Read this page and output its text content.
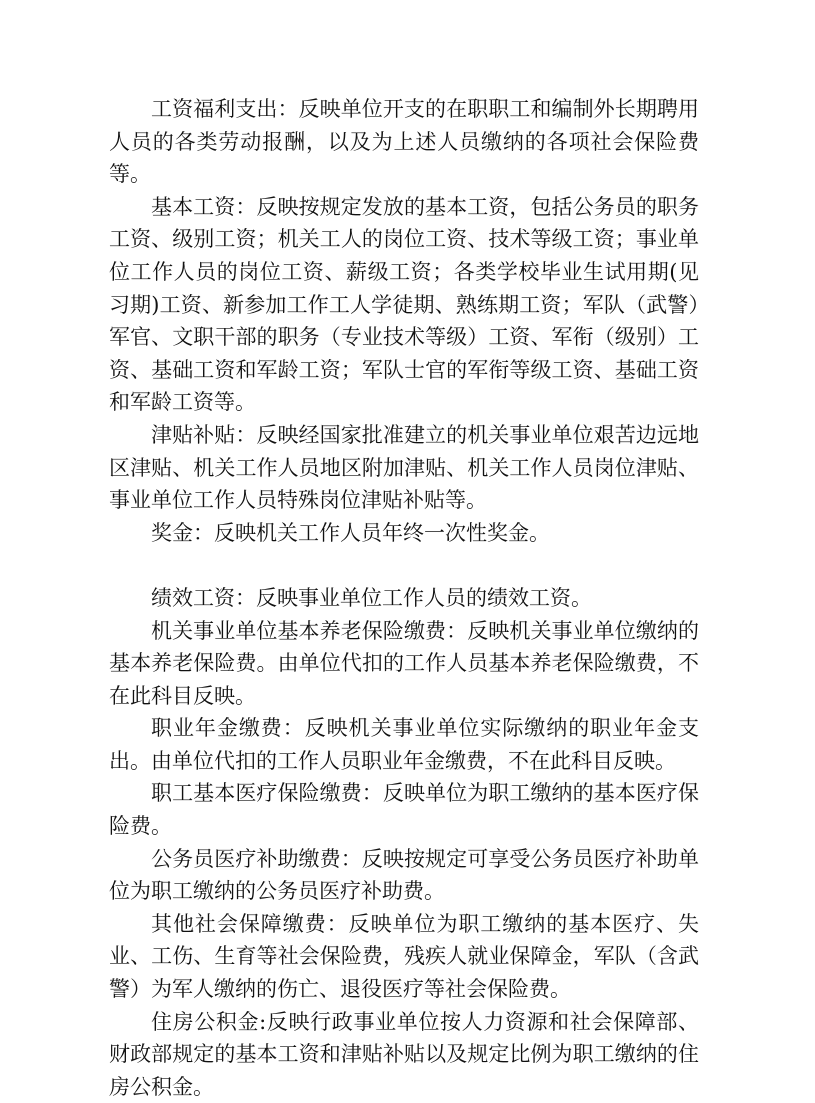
工资福利支出：反映单位开支的在职职工和编制外长期聘用人员的各类劳动报酬，以及为上述人员缴纳的各项社会保险费等。

基本工资：反映按规定发放的基本工资，包括公务员的职务工资、级别工资；机关工人的岗位工资、技术等级工资；事业单位工作人员的岗位工资、薪级工资；各类学校毕业生试用期(见习期)工资、新参加工作工人学徒期、熟练期工资；军队（武警）军官、文职干部的职务（专业技术等级）工资、军衔（级别）工资、基础工资和军龄工资；军队士官的军衔等级工资、基础工资和军龄工资等。

津贴补贴：反映经国家批准建立的机关事业单位艰苦边远地区津贴、机关工作人员地区附加津贴、机关工作人员岗位津贴、事业单位工作人员特殊岗位津贴补贴等。

奖金：反映机关工作人员年终一次性奖金。

绩效工资：反映事业单位工作人员的绩效工资。

机关事业单位基本养老保险缴费：反映机关事业单位缴纳的基本养老保险费。由单位代扣的工作人员基本养老保险缴费，不在此科目反映。

职业年金缴费：反映机关事业单位实际缴纳的职业年金支出。由单位代扣的工作人员职业年金缴费，不在此科目反映。

职工基本医疗保险缴费：反映单位为职工缴纳的基本医疗保险费。

公务员医疗补助缴费：反映按规定可享受公务员医疗补助单位为职工缴纳的公务员医疗补助费。

其他社会保障缴费：反映单位为职工缴纳的基本医疗、失业、工伤、生育等社会保险费，残疾人就业保障金，军队（含武警）为军人缴纳的伤亡、退役医疗等社会保险费。

住房公积金:反映行政事业单位按人力资源和社会保障部、财政部规定的基本工资和津贴补贴以及规定比例为职工缴纳的住房公积金。
